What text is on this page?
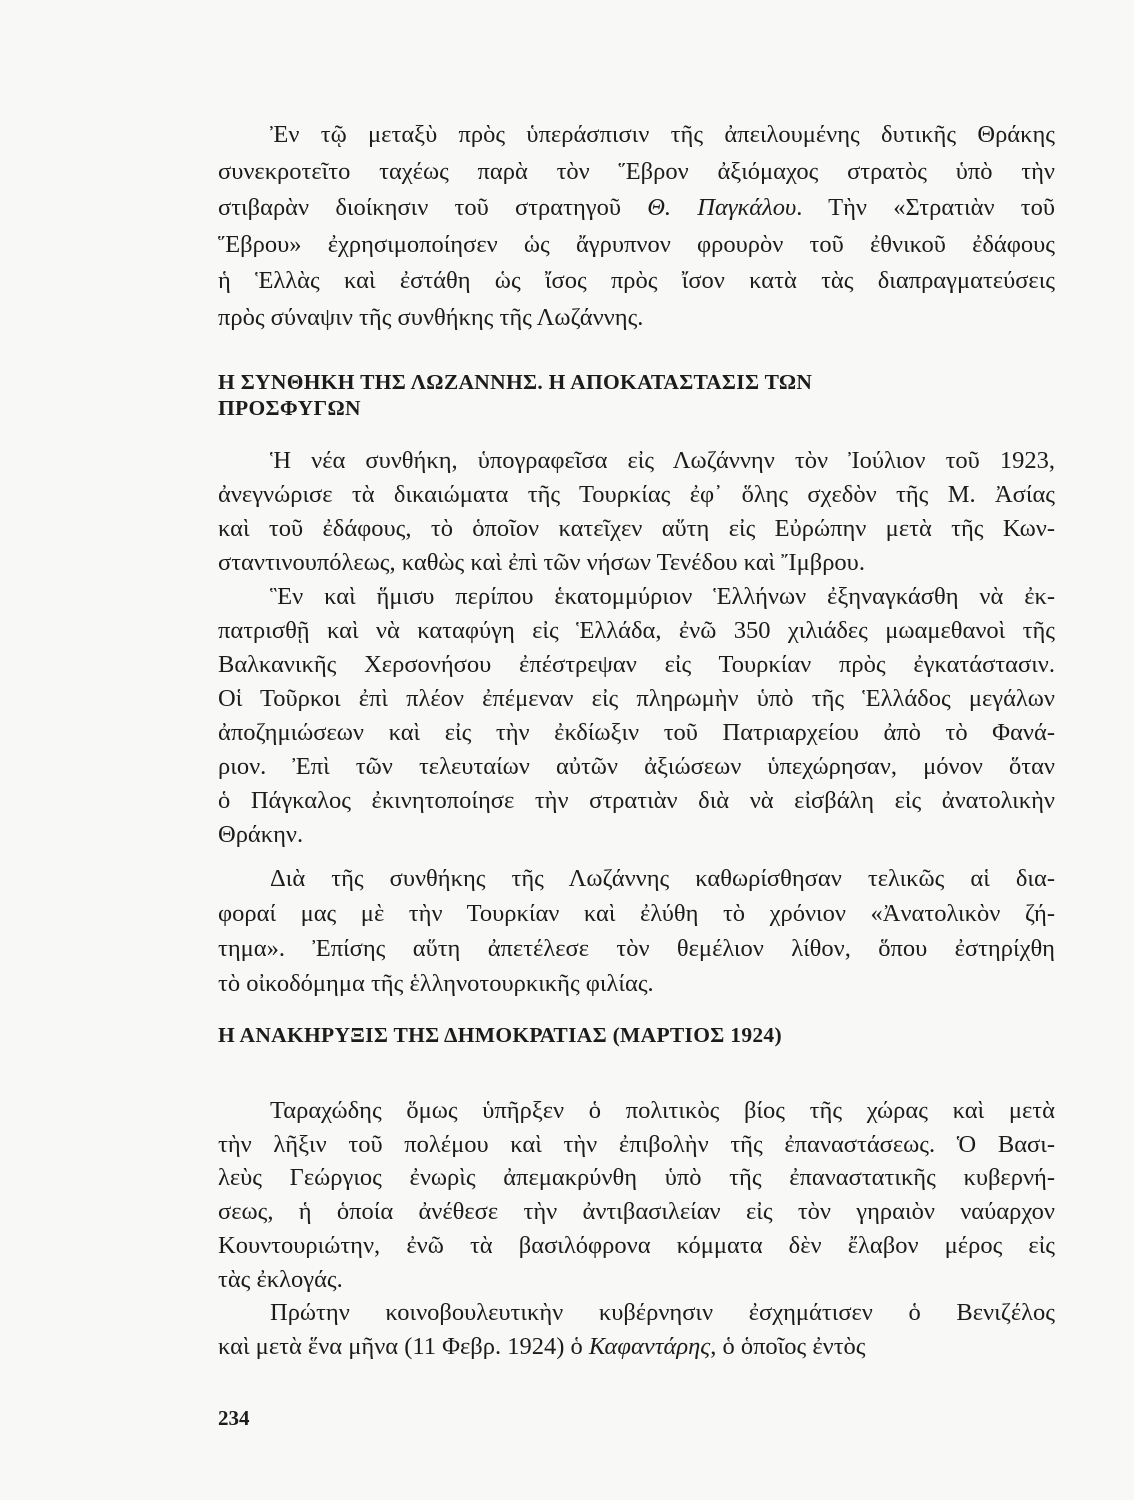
Ἐν τῷ μεταξὺ πρὸς ὑπεράσπισιν τῆς ἀπειλουμένης δυτικῆς Θράκης
συνεκροτεῖτο ταχέως παρὰ τὸν Ἕβρον ἀξιόμαχος στρατὸς ὑπὸ τὴν
στιβαρὰν διοίκησιν τοῦ στρατηγοῦ Θ. Παγκάλου. Τὴν «Στρατιὰν τοῦ
Ἕβρου» ἐχρησιμοποίησεν ὡς ἄγρυπνον φρουρὸν τοῦ ἐθνικοῦ ἐδάφους
ἡ Ἑλλὰς καὶ ἐστάθη ὡς ἴσος πρὸς ἴσον κατὰ τὰς διαπραγματεύσεις
πρὸς σύναψιν τῆς συνθήκης τῆς Λωζάννης.
Η ΣΥΝΘΗΚΗ ΤΗΣ ΛΩΖΑΝΝΗΣ. Η ΑΠΟΚΑΤΑΣΤΑΣΙΣ ΤΩΝ
ΠΡΟΣΦΥΓΩΝ
Ἡ νέα συνθήκη, ὑπογραφεῖσα εἰς Λωζάννην τὸν Ἰούλιον τοῦ 1923,
ἀνεγνώρισε τὰ δικαιώματα τῆς Τουρκίας ἐφ᾽ ὅλης σχεδὸν τῆς Μ. Ἀσίας
καὶ τοῦ ἐδάφους, τὸ ὁποῖον κατεῖχεν αὕτη εἰς Εὐρώπην μετὰ τῆς Κων-
σταντινουπόλεως, καθὼς καὶ ἐπὶ τῶν νήσων Τενέδου καὶ Ἴμβρου.
Ἓν καὶ ἥμισυ περίπου ἑκατομμύριον Ἑλλήνων ἐξηναγκάσθη νὰ ἐκ-
πατρισθῇ καὶ νὰ καταφύγη εἰς Ἑλλάδα, ἐνῶ 350 χιλιάδες μωαμεθανοὶ τῆς
Βαλκανικῆς Χερσονήσου ἐπέστρεψαν εἰς Τουρκίαν πρὸς ἐγκατάστασιν.
Οἱ Τοῦρκοι ἐπὶ πλέον ἐπέμεναν εἰς πληρωμὴν ὑπὸ τῆς Ἑλλάδος μεγάλων
ἀποζημιώσεων καὶ εἰς τὴν ἐκδίωξιν τοῦ Πατριαρχείου ἀπὸ τὸ Φανά-
ριον. Ἐπὶ τῶν τελευταίων αὐτῶν ἀξιώσεων ὑπεχώρησαν, μόνον ὅταν
ὁ Πάγκαλος ἐκινητοποίησε τὴν στρατιὰν διὰ νὰ εἰσβάλη εἰς ἀνατολικὴν
Θράκην.
Διὰ τῆς συνθήκης τῆς Λωζάννης καθωρίσθησαν τελικῶς αἱ δια-
φοραί μας μὲ τὴν Τουρκίαν καὶ ἐλύθη τὸ χρόνιον «Ἀνατολικὸν ζή-
τημα». Ἐπίσης αὕτη ἀπετέλεσε τὸν θεμέλιον λίθον, ὅπου ἐστηρίχθη
τὸ οἰκοδόμημα τῆς ἑλληνοτουρκικῆς φιλίας.
Η ΑΝΑΚΗΡΥΞΙΣ ΤΗΣ ΔΗΜΟΚΡΑΤΙΑΣ (ΜΑΡΤΙΟΣ 1924)
Ταραχώδης ὅμως ὑπῆρξεν ὁ πολιτικὸς βίος τῆς χώρας καὶ μετὰ
τὴν λῆξιν τοῦ πολέμου καὶ τὴν ἐπιβολὴν τῆς ἐπαναστάσεως. Ὁ Βασι-
λεὺς Γεώργιος ἐνωρὶς ἀπεμακρύνθη ὑπὸ τῆς ἐπαναστατικῆς κυβερνή-
σεως, ἡ ὁποία ἀνέθεσε τὴν ἀντιβασιλείαν εἰς τὸν γηραιὸν ναύαρχον
Κουντουριώτην, ἐνῶ τὰ βασιλόφρονα κόμματα δὲν ἔλαβον μέρος εἰς
τὰς ἐκλογάς.
Πρώτην κοινοβουλευτικὴν κυβέρνησιν ἐσχημάτισεν ὁ Βενιζέλος
καὶ μετὰ ἕνα μῆνα (11 Φεβρ. 1924) ὁ Καφαντάρης, ὁ ὁποῖος ἐντὸς
234
